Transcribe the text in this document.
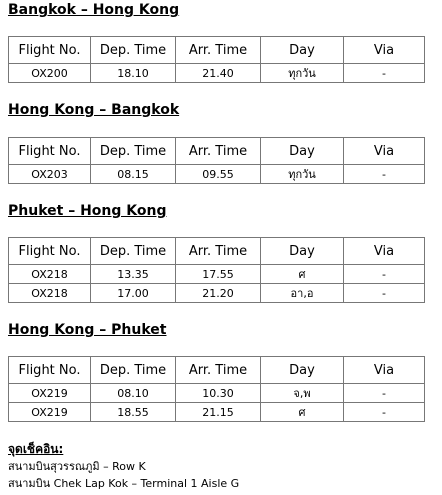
Bangkok – Hong Kong
Flight No.	Dep. Time	Arr. Time	Day	Via
OX200	18.10	21.40	ทุกวัน	-
Hong Kong – Bangkok
Flight No.	Dep. Time	Arr. Time	Day	Via
OX203	08.15	09.55	ทุกวัน	-
Phuket – Hong Kong
Flight No.	Dep. Time	Arr. Time	Day	Via
OX218	13.35	17.55	ศ	-
OX218	17.00	21.20	อา,อ	-
Hong Kong – Phuket
Flight No.	Dep. Time	Arr. Time	Day	Via
OX219	08.10	10.30	จ,พ	-
OX219	18.55	21.15	ศ	-
จุดเช็คอิน:
สนามบินสุวรรณภูมิ – Row K
สนามบิน Chek Lap Kok – Terminal 1 Aisle G
